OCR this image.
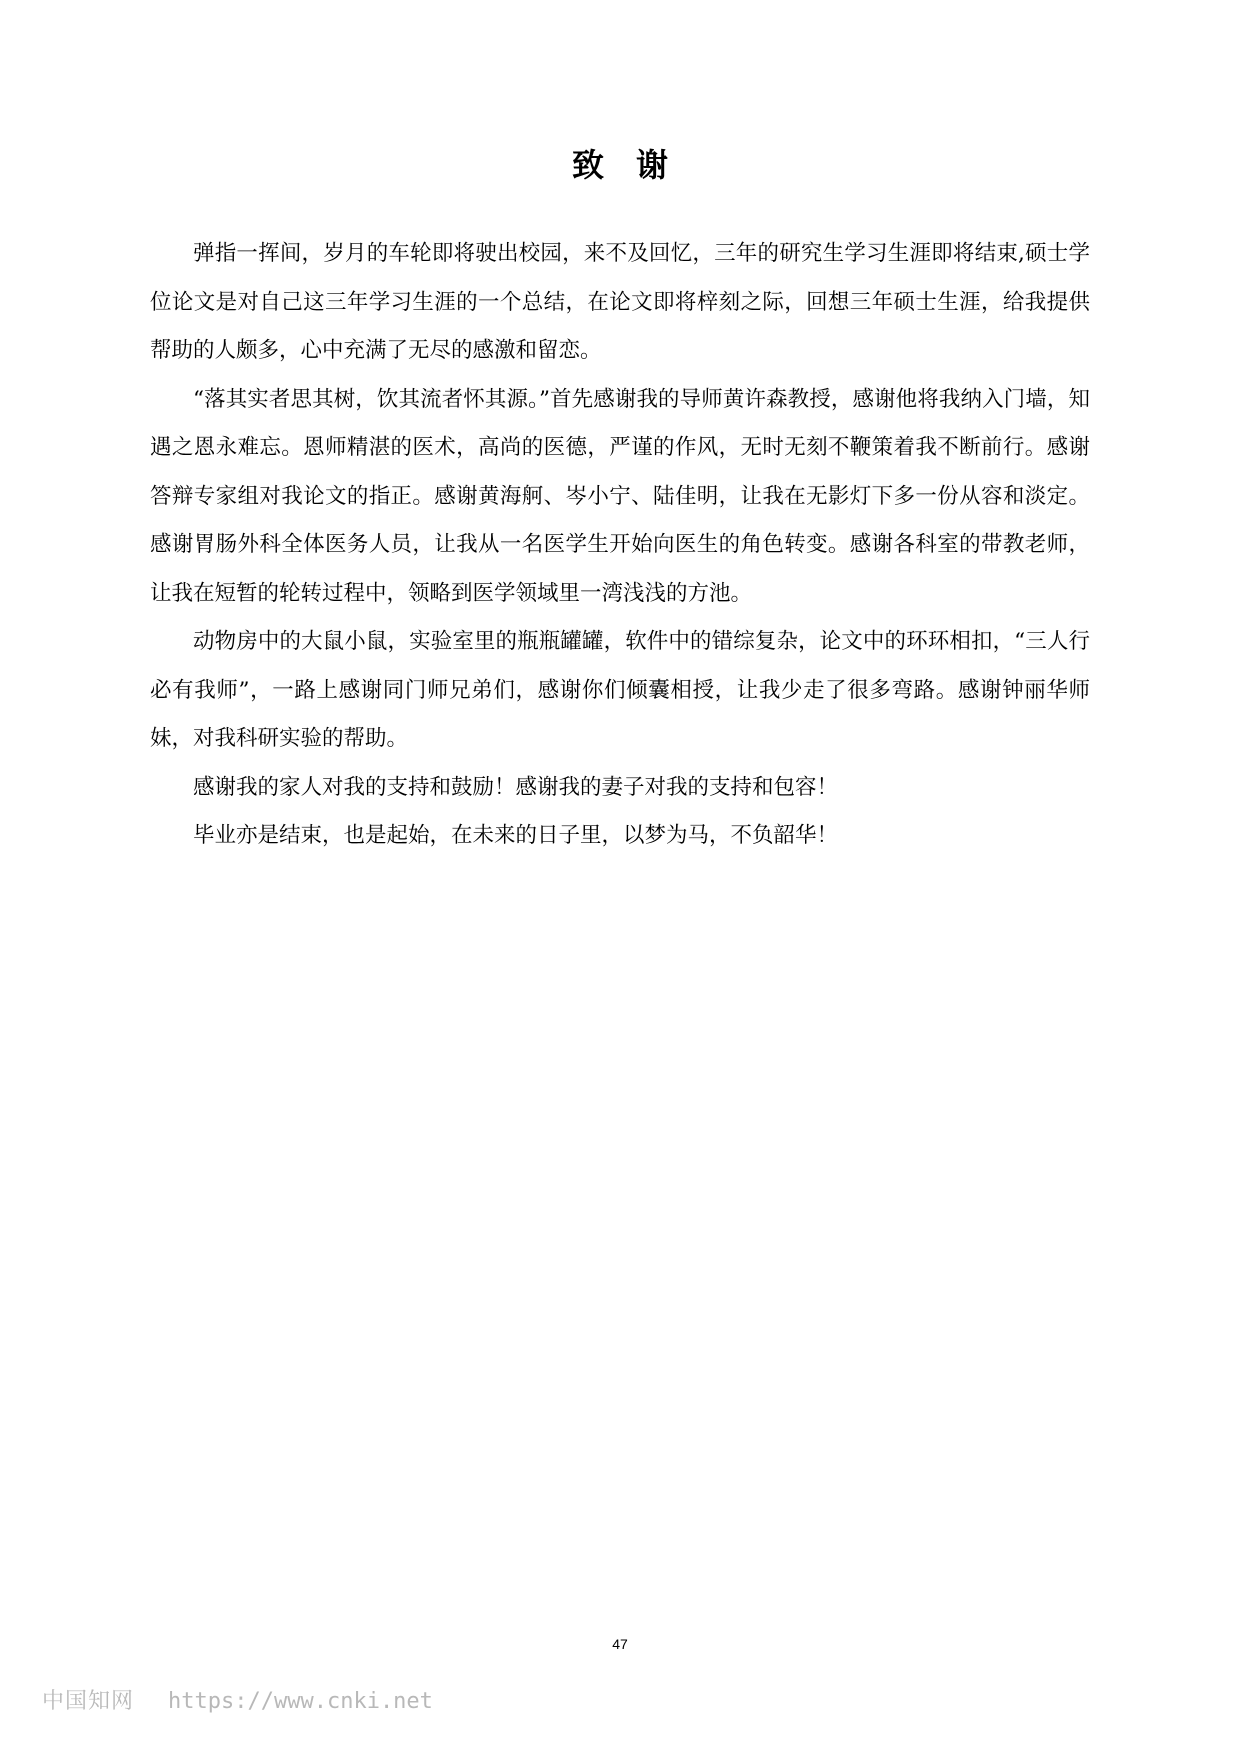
致谢

弹指一挥间，岁月的车轮即将驶出校园，来不及回忆，三年的研究生学习生涯即将结束,硕士学位论文是对自己这三年学习生涯的一个总结，在论文即将梓刻之际，回想三年硕士生涯，给我提供帮助的人颇多，心中充满了无尽的感激和留恋。

“落其实者思其树，饮其流者怀其源。”首先感谢我的导师黄许森教授，感谢他将我纳入门墙，知遇之恩永难忘。恩师精湛的医术，高尚的医德，严谨的作风，无时无刻不鞭策着我不断前行。感谢答辩专家组对我论文的指正。感谢黄海舸、岑小宁、陆佳明，让我在无影灯下多一份从容和淡定。感谢胃肠外科全体医务人员，让我从一名医学生开始向医生的角色转变。感谢各科室的带教老师，让我在短暂的轮转过程中，领略到医学领域里一湾浅浅的方池。

动物房中的大鼠小鼠，实验室里的瓶瓶罐罐，软件中的错综复杂，论文中的环环相扣，“三人行必有我师”，一路上感谢同门师兄弟们，感谢你们倾囊相授，让我少走了很多弯路。感谢钟丽华师妹，对我科研实验的帮助。

感谢我的家人对我的支持和鼓励！感谢我的妻子对我的支持和包容！

毕业亦是结束，也是起始，在未来的日子里，以梦为马，不负韶华！

47
中国知网 https://www.cnki.net
